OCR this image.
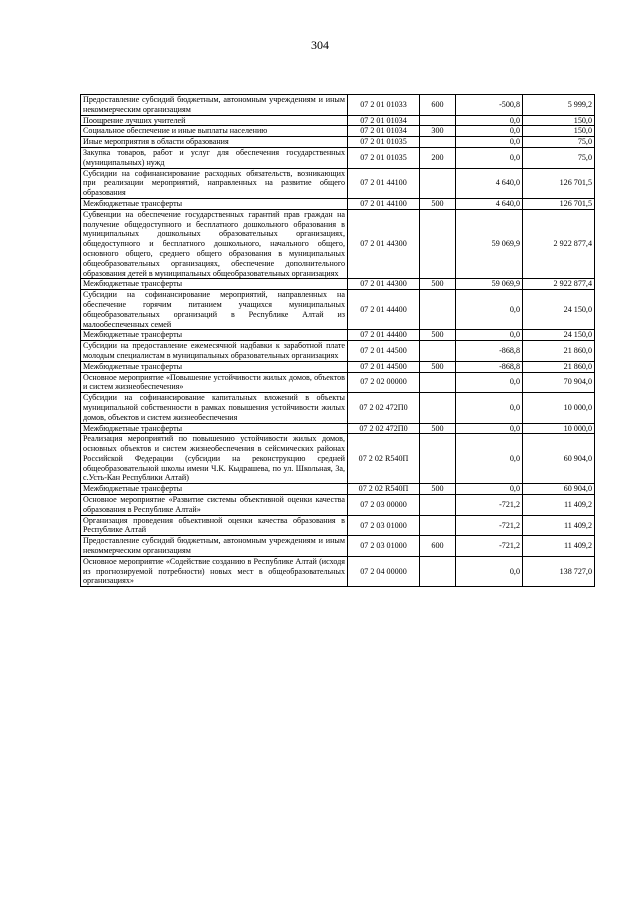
304
Предоставление субсидий бюджетным, автономным учреждениям и иным некоммерческим организациям	07 2 01 01033	600	-500,8	5 999,2
Поощрение лучших учителей	07 2 01 01034		0,0	150,0
Социальное обеспечение и иные выплаты населению	07 2 01 01034	300	0,0	150,0
Иные мероприятия в области образования	07 2 01 01035		0,0	75,0
Закупка товаров, работ и услуг для обеспечения государственных (муниципальных) нужд	07 2 01 01035	200	0,0	75,0
Субсидии на софинансирование расходных обязательств, возникающих при реализации мероприятий, направленных на развитие общего образования	07 2 01 44100		4 640,0	126 701,5
Межбюджетные трансферты	07 2 01 44100	500	4 640,0	126 701,5
Субвенции на обеспечение государственных гарантий прав граждан на получение общедоступного и бесплатного дошкольного образования в муниципальных дошкольных образовательных организациях, общедоступного и бесплатного дошкольного, начального общего, основного общего, среднего общего образования в муниципальных общеобразовательных организациях, обеспечение дополнительного образования детей в муниципальных общеобразовательных организациях	07 2 01 44300		59 069,9	2 922 877,4
Межбюджетные трансферты	07 2 01 44300	500	59 069,9	2 922 877,4
Субсидии на софинансирование мероприятий, направленных на обеспечение горячим питанием учащихся муниципальных общеобразовательных организаций в Республике Алтай из малообеспеченных семей	07 2 01 44400		0,0	24 150,0
Межбюджетные трансферты	07 2 01 44400	500	0,0	24 150,0
Субсидии на предоставление ежемесячной надбавки к заработной плате молодым специалистам в муниципальных образовательных организациях	07 2 01 44500		-868,8	21 860,0
Межбюджетные трансферты	07 2 01 44500	500	-868,8	21 860,0
Основное мероприятие «Повышение устойчивости жилых домов, объектов и систем жизнеобеспечения»	07 2 02 00000		0,0	70 904,0
Субсидии на софинансирование капитальных вложений в объекты муниципальной собственности в рамках повышения устойчивости жилых домов, объектов и систем жизнеобеспечения	07 2 02 472П0		0,0	10 000,0
Межбюджетные трансферты	07 2 02 472П0	500	0,0	10 000,0
Реализация мероприятий по повышению устойчивости жилых домов, основных объектов и систем жизнеобеспечения в сейсмических районах Российской Федерации (субсидии на реконструкцию средней общеобразовательной школы имени Ч.К. Кыдрашева, по ул. Школьная, 3а, с.Усть-Кан Республики Алтай)	07 2 02 R540П		0,0	60 904,0
Межбюджетные трансферты	07 2 02 R540П	500	0,0	60 904,0
Основное мероприятие «Развитие системы объективной оценки качества образования в Республике Алтай»	07 2 03 00000		-721,2	11 409,2
Организация проведения объективной оценки качества образования в Республике Алтай	07 2 03 01000		-721,2	11 409,2
Предоставление субсидий бюджетным, автономным учреждениям и иным некоммерческим организациям	07 2 03 01000	600	-721,2	11 409,2
Основное мероприятие «Содействие созданию в Республике Алтай (исходя из прогнозируемой потребности) новых мест в общеобразовательных организациях»	07 2 04 00000		0,0	138 727,0
